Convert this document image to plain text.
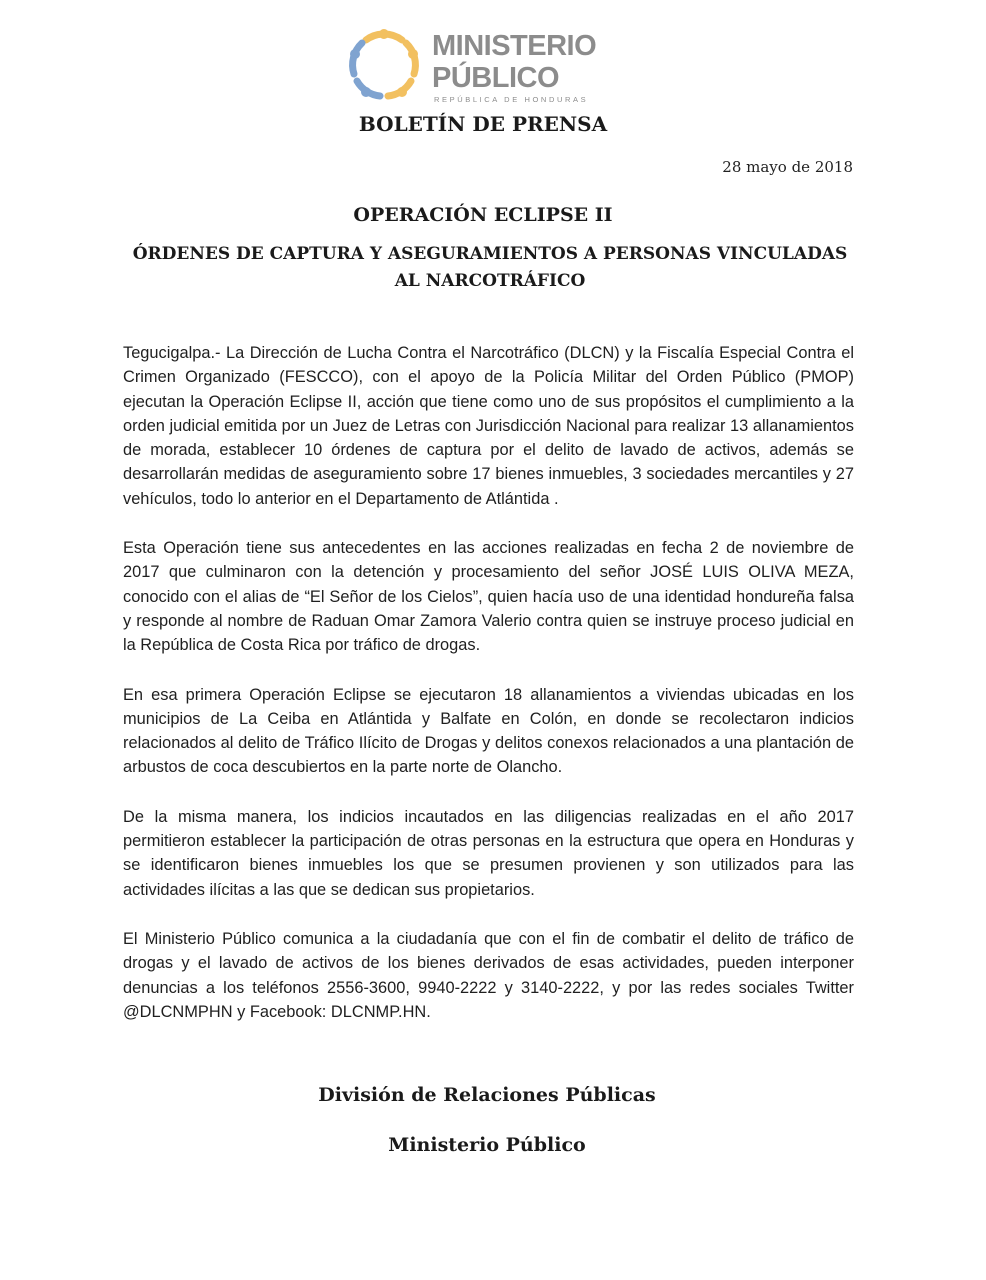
MINISTERIO
PÚBLICO
REPÚBLICA DE HONDURAS
BOLETÍN DE PRENSA
28 mayo de 2018
OPERACIÓN ECLIPSE II
ÓRDENES DE CAPTURA Y ASEGURAMIENTOS A PERSONAS VINCULADAS AL NARCOTRÁFICO

Tegucigalpa.- La Dirección de Lucha Contra el Narcotráfico (DLCN) y la Fiscalía Especial Contra el Crimen Organizado (FESCCO), con el apoyo de la Policía Militar del Orden Público (PMOP) ejecutan la Operación Eclipse II, acción que tiene como uno de sus propósitos el cumplimiento a la orden judicial emitida por un Juez de Letras con Jurisdicción Nacional para realizar 13 allanamientos de morada, establecer 10 órdenes de captura por el delito de lavado de activos, además se desarrollarán medidas de aseguramiento sobre 17 bienes inmuebles, 3 sociedades mercantiles y 27 vehículos, todo lo anterior en el Departamento de Atlántida .

Esta Operación tiene sus antecedentes en las acciones realizadas en fecha 2 de noviembre de 2017 que culminaron con la detención y procesamiento del señor JOSÉ LUIS OLIVA MEZA, conocido con el alias de “El Señor de los Cielos”, quien hacía uso de una identidad hondureña falsa y responde al nombre de Raduan Omar Zamora Valerio contra quien se instruye proceso judicial en la República de Costa Rica por tráfico de drogas.

En esa primera Operación Eclipse se ejecutaron 18 allanamientos a viviendas ubicadas en los municipios de La Ceiba en Atlántida y Balfate en Colón, en donde se recolectaron indicios relacionados al delito de Tráfico Ilícito de Drogas y delitos conexos relacionados a una plantación de arbustos de coca descubiertos en la parte norte de Olancho.

De la misma manera, los indicios incautados en las diligencias realizadas en el año 2017 permitieron establecer la participación de otras personas en la estructura que opera en Honduras y se identificaron bienes inmuebles los que se presumen provienen y son utilizados para las actividades ilícitas a las que se dedican sus propietarios.

El Ministerio Público comunica a la ciudadanía que con el fin de combatir el delito de tráfico de drogas y el lavado de activos de los bienes derivados de esas actividades, pueden interponer denuncias a los teléfonos 2556-3600, 9940-2222 y 3140-2222, y por las redes sociales Twitter @DLCNMPHN y Facebook: DLCNMP.HN.

División de Relaciones Públicas
Ministerio Público
